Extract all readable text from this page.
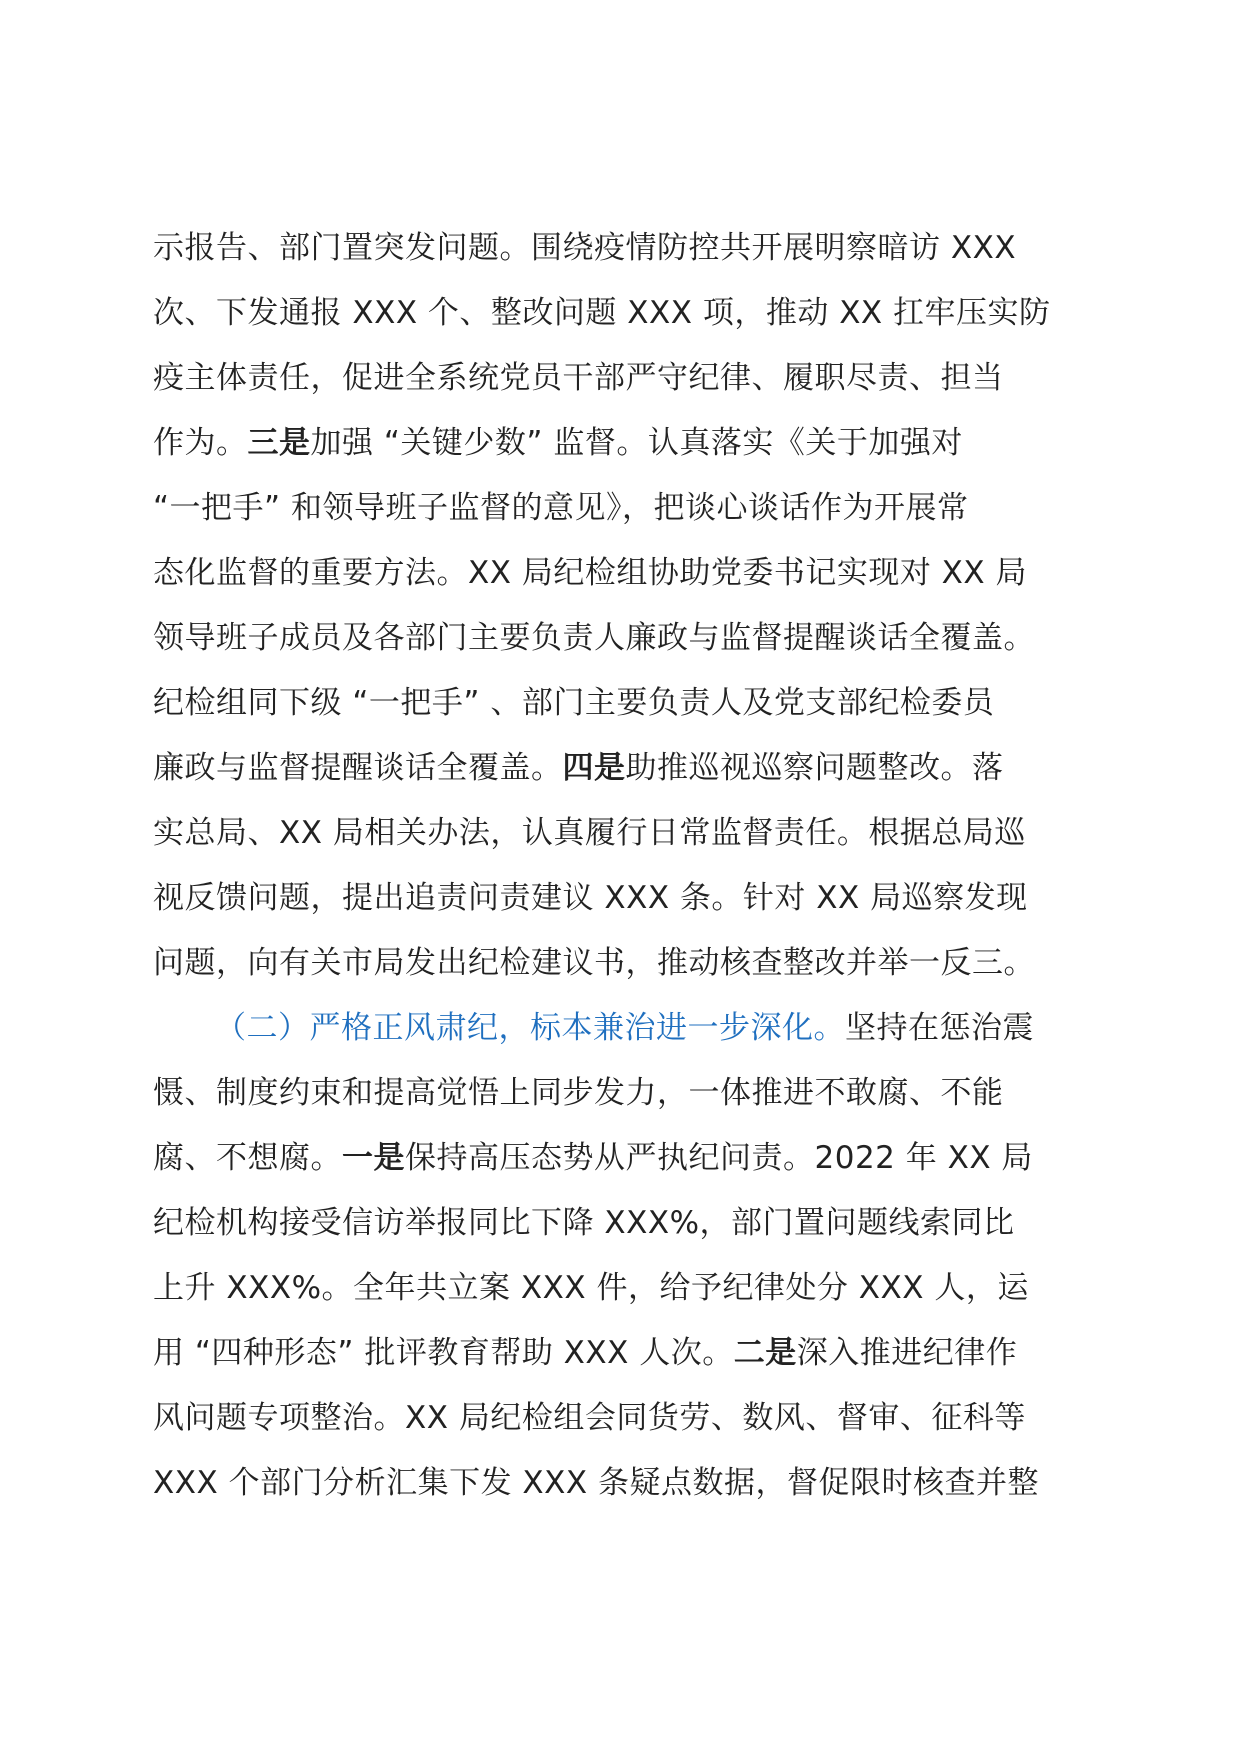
示报告、部门置突发问题。围绕疫情防控共开展明察暗访 XXX
次、下发通报 XXX 个、整改问题 XXX 项，推动 XX 扛牢压实防
疫主体责任，促进全系统党员干部严守纪律、履职尽责、担当
作为。三是加强 “关键少数” 监督。认真落实《关于加强对
“一把手” 和领导班子监督的意见》，把谈心谈话作为开展常
态化监督的重要方法。XX 局纪检组协助党委书记实现对 XX 局
领导班子成员及各部门主要负责人廉政与监督提醒谈话全覆盖。
纪检组同下级 “一把手” 、部门主要负责人及党支部纪检委员
廉政与监督提醒谈话全覆盖。四是助推巡视巡察问题整改。落
实总局、XX 局相关办法，认真履行日常监督责任。根据总局巡
视反馈问题，提出追责问责建议 XXX 条。针对 XX 局巡察发现
问题，向有关市局发出纪检建议书，推动核查整改并举一反三。
（二）严格正风肃纪，标本兼治进一步深化。坚持在惩治震
慑、制度约束和提高觉悟上同步发力，一体推进不敢腐、不能
腐、不想腐。一是保持高压态势从严执纪问责。2022 年 XX 局
纪检机构接受信访举报同比下降 XXX%，部门置问题线索同比
上升 XXX%。全年共立案 XXX 件，给予纪律处分 XXX 人，运
用 “四种形态” 批评教育帮助 XXX 人次。二是深入推进纪律作
风问题专项整治。XX 局纪检组会同货劳、数风、督审、征科等
XXX 个部门分析汇集下发 XXX 条疑点数据，督促限时核查并整
